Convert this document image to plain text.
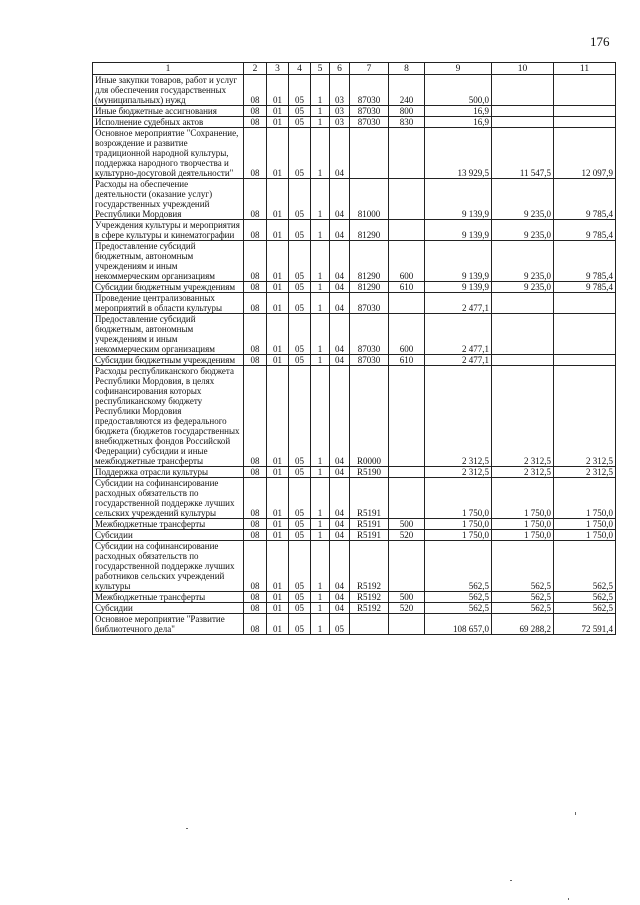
176
1	2	3	4	5	6	7	8	9	10	11
Иные закупки товаров, работ и услуг для обеспечения государственных (муниципальных) нужд	08	01	05	1	03	87030	240	500,0		
Иные бюджетные ассигнования	08	01	05	1	03	87030	800	16,9		
Исполнение судебных актов	08	01	05	1	03	87030	830	16,9		
Основное мероприятие "Сохранение, возрождение и развитие традиционной народной культуры, поддержка народного творчества и культурно-досуговой деятельности"	08	01	05	1	04			13 929,5	11 547,5	12 097,9
Расходы на обеспечение деятельности (оказание услуг) государственных учреждений Республики Мордовия	08	01	05	1	04	81000		9 139,9	9 235,0	9 785,4
Учреждения культуры и мероприятия в сфере культуры и кинематографии	08	01	05	1	04	81290		9 139,9	9 235,0	9 785,4
Предоставление субсидий бюджетным, автономным учреждениям и иным некоммерческим организациям	08	01	05	1	04	81290	600	9 139,9	9 235,0	9 785,4
Субсидии бюджетным учреждениям	08	01	05	1	04	81290	610	9 139,9	9 235,0	9 785,4
Проведение централизованных мероприятий в области культуры	08	01	05	1	04	87030		2 477,1		
Предоставление субсидий бюджетным, автономным учреждениям и иным некоммерческим организациям	08	01	05	1	04	87030	600	2 477,1		
Субсидии бюджетным учреждениям	08	01	05	1	04	87030	610	2 477,1		
Расходы республиканского бюджета Республики Мордовия, в целях софинансирования которых республиканскому бюджету Республики Мордовия предоставляются из федерального бюджета (бюджетов государственных внебюджетных фондов Российской Федерации) субсидии и иные межбюджетные трансферты	08	01	05	1	04	R0000		2 312,5	2 312,5	2 312,5
Поддержка отрасли культуры	08	01	05	1	04	R5190		2 312,5	2 312,5	2 312,5
Субсидии на софинансирование расходных обязательств по государственной поддержке лучших сельских учреждений культуры	08	01	05	1	04	R5191		1 750,0	1 750,0	1 750,0
Межбюджетные трансферты	08	01	05	1	04	R5191	500	1 750,0	1 750,0	1 750,0
Субсидии	08	01	05	1	04	R5191	520	1 750,0	1 750,0	1 750,0
Субсидии на софинансирование расходных обязательств по государственной поддержке лучших работников сельских учреждений культуры	08	01	05	1	04	R5192		562,5	562,5	562,5
Межбюджетные трансферты	08	01	05	1	04	R5192	500	562,5	562,5	562,5
Субсидии	08	01	05	1	04	R5192	520	562,5	562,5	562,5
Основное мероприятие "Развитие библиотечного дела"	08	01	05	1	05			108 657,0	69 288,2	72 591,4
